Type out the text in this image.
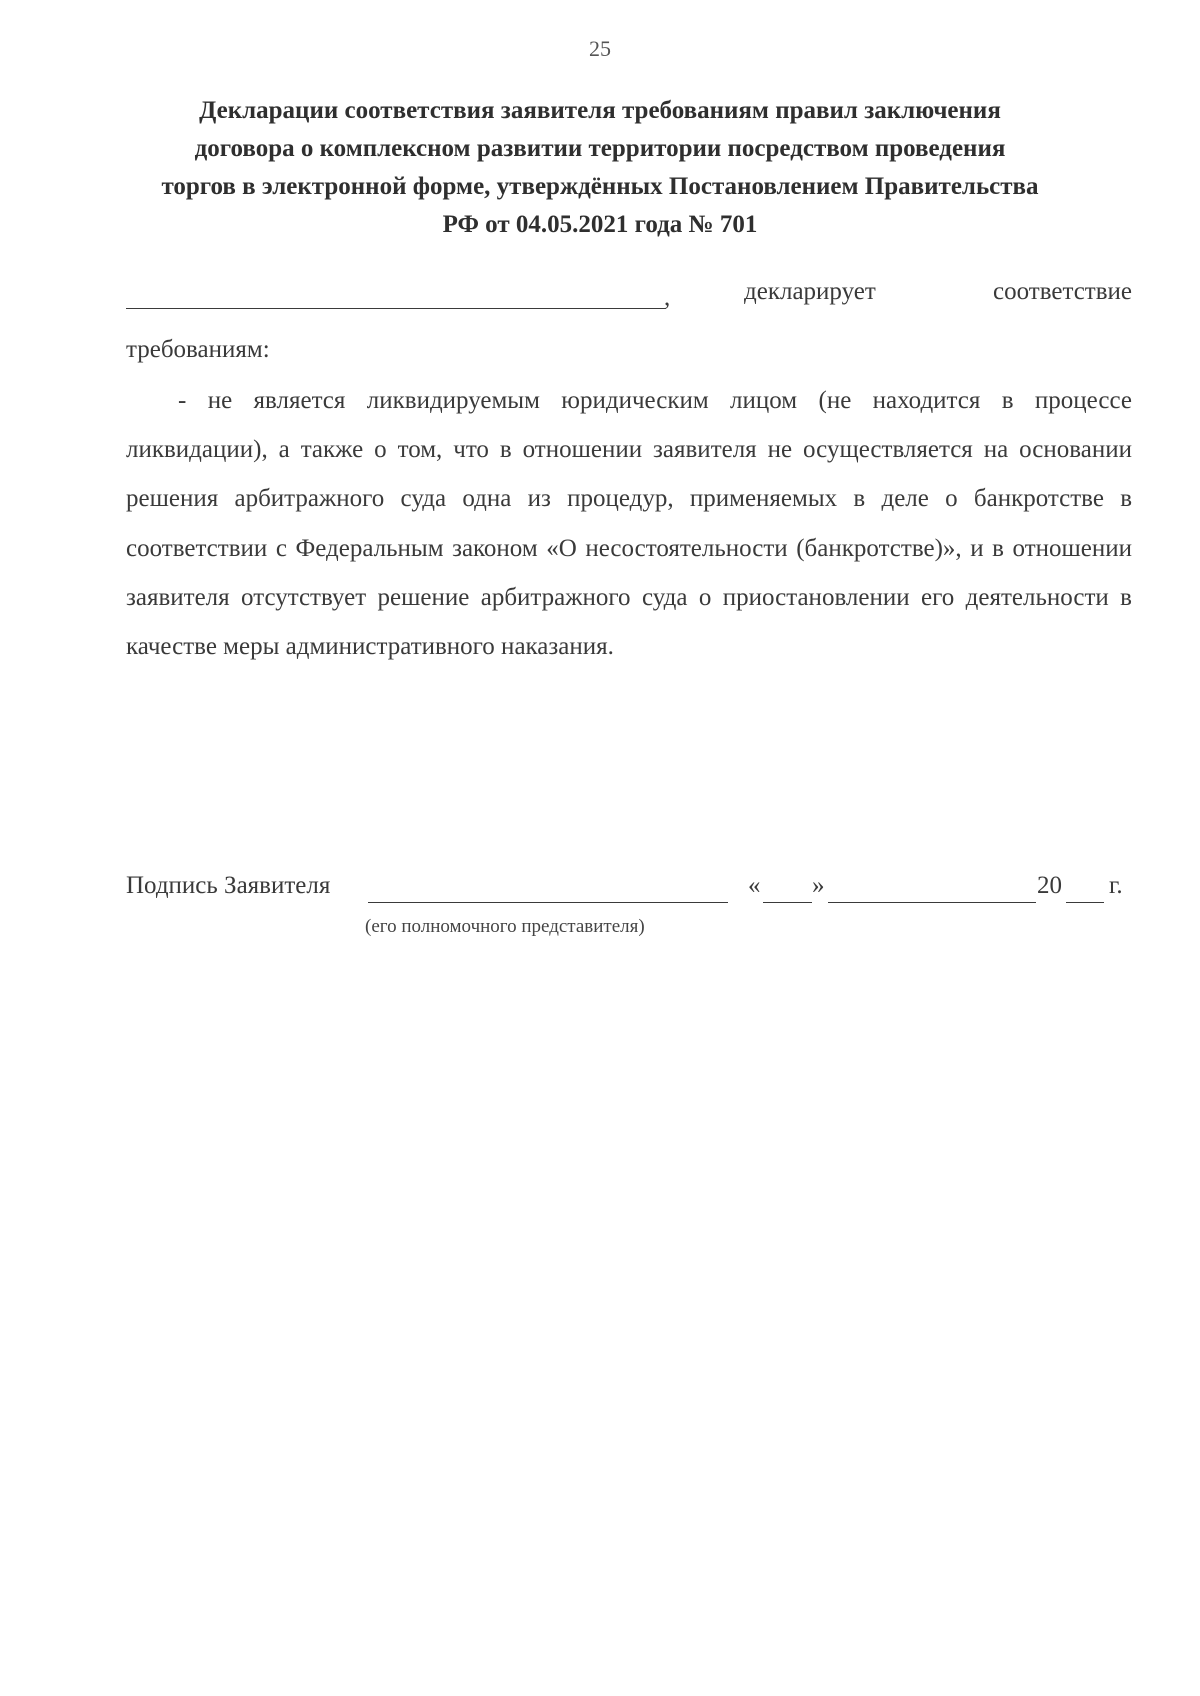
25
Декларации соответствия заявителя требованиям правил заключения
договора о комплексном развитии территории посредством проведения
торгов в электронной форме, утверждённых Постановлением Правительства
РФ от 04.05.2021 года № 701
,	декларирует	соответствие
требованиям:

- не является ликвидируемым юридическим лицом (не находится в процессе ликвидации), а также о том, что в отношении заявителя не осуществляется на основании решения арбитражного суда одна из процедур, применяемых в деле о банкротстве в соответствии с Федеральным законом «О несостоятельности (банкротстве)», и в отношении заявителя отсутствует решение арбитражного суда о приостановлении его деятельности в качестве меры административного наказания.

Подпись Заявителя	« »	20 г.
(его полномочного представителя)
